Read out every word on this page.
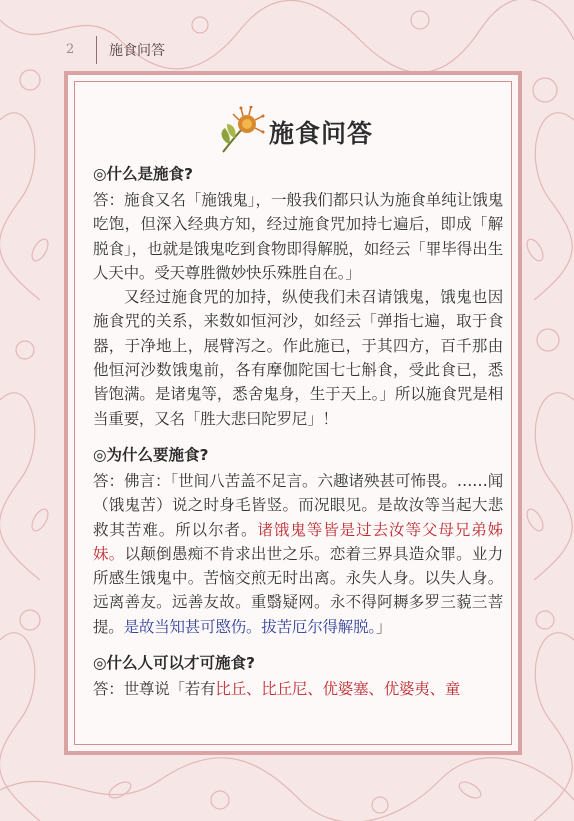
2 施食问答
施食问答
◎什么是施食?
答：施食又名「施饿鬼」，一般我们都只认为施食单纯让饿鬼吃饱，但深入经典方知，经过施食咒加持七遍后，即成「解脱食」，也就是饿鬼吃到食物即得解脱，如经云「罪毕得出生人天中。受天尊胜微妙快乐殊胜自在。」
又经过施食咒的加持，纵使我们未召请饿鬼，饿鬼也因施食咒的关系，来数如恒河沙，如经云「弹指七遍，取于食器，于净地上，展臂泻之。作此施已，于其四方，百千那由他恒河沙数饿鬼前，各有摩伽陀国七七斛食，受此食已，悉皆饱满。是诸鬼等，悉舍鬼身，生于天上。」所以施食咒是相当重要，又名「胜大悲曰陀罗尼」！
◎为什么要施食?
答：佛言：「世间八苦盖不足言。六趣诸殃甚可怖畏。……闻（饿鬼苦）说之时身毛皆竖。而况眼见。是故汝等当起大悲救其苦难。所以尔者。诸饿鬼等皆是过去汝等父母兄弟姊妹。以颠倒愚痴不肯求出世之乐。恋着三界具造众罪。业力所感生饿鬼中。苦恼交煎无时出离。永失人身。以失人身。远离善友。远善友故。重翳疑网。永不得阿耨多罗三藐三菩提。是故当知甚可愍伤。拔苦厄尔得解脱。」
◎什么人可以才可施食?
答：世尊说「若有比丘、比丘尼、优婆塞、优婆夷、童
